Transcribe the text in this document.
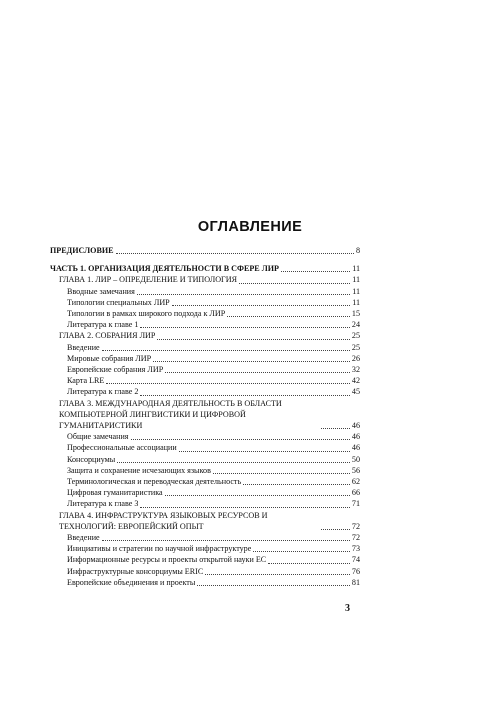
ОГЛАВЛЕНИЕ
ПРЕДИСЛОВИЕ	8
ЧАСТЬ 1. ОРГАНИЗАЦИЯ ДЕЯТЕЛЬНОСТИ В СФЕРЕ ЛИР	11
ГЛАВА 1. ЛИР – ОПРЕДЕЛЕНИЕ И ТИПОЛОГИЯ	11
Вводные замечания	11
Типологии специальных ЛИР	11
Типологии в рамках широкого подхода к ЛИР	15
Литература к главе 1	24
ГЛАВА 2. СОБРАНИЯ ЛИР	25
Введение	25
Мировые собрания ЛИР	26
Европейские собрания ЛИР	32
Карта LRE	42
Литература к главе 2	45
ГЛАВА 3. МЕЖДУНАРОДНАЯ ДЕЯТЕЛЬНОСТЬ В ОБЛАСТИ КОМПЬЮТЕРНОЙ ЛИНГВИСТИКИ И ЦИФРОВОЙ ГУМАНИТАРИСТИКИ	46
Общие замечания	46
Профессиональные ассоциации	46
Консорциумы	50
Защита и сохранение исчезающих языков	56
Терминологическая и переводческая деятельность	62
Цифровая гуманитаристика	66
Литература к главе 3	71
ГЛАВА 4. ИНФРАСТРУКТУРА ЯЗЫКОВЫХ РЕСУРСОВ И ТЕХНОЛОГИЙ: ЕВРОПЕЙСКИЙ ОПЫТ	72
Введение	72
Инициативы и стратегии по научной инфраструктуре	73
Информационные ресурсы и проекты открытой науки ЕС	74
Инфраструктурные консорциумы ERIC	76
Европейские объединения и проекты	81
3
